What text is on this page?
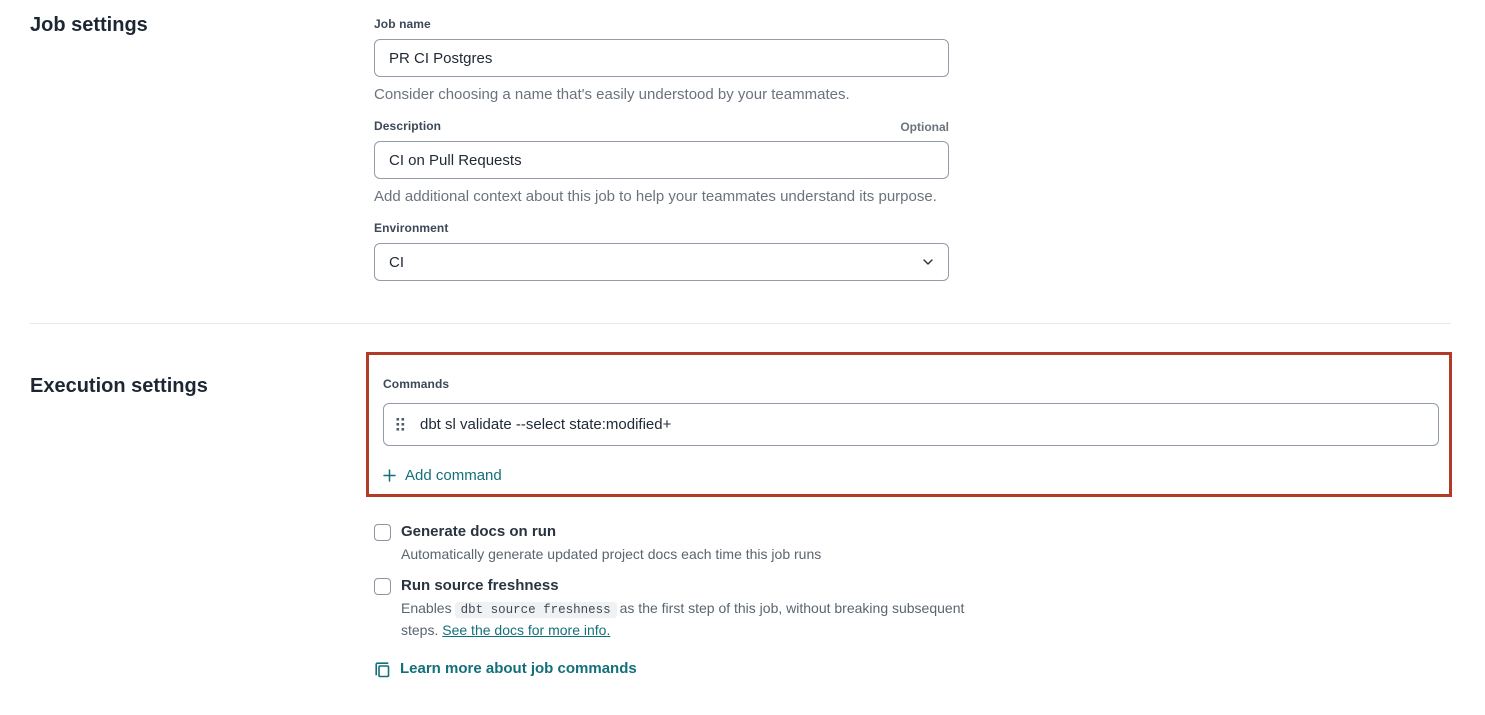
Job settings	Job name
PR CI Postgres
Consider choosing a name that's easily understood by your teammates.
Description	Optional
CI on Pull Requests
Add additional context about this job to help your teammates understand its purpose.
Environment
CI
Execution settings	Commands
dbt sl validate --select state:modified+
Add command
Generate docs on run
Automatically generate updated project docs each time this job runs
Run source freshness
Enables dbt source freshness as the first step of this job, without breaking subsequent
steps. See the docs for more info.
Learn more about job commands
